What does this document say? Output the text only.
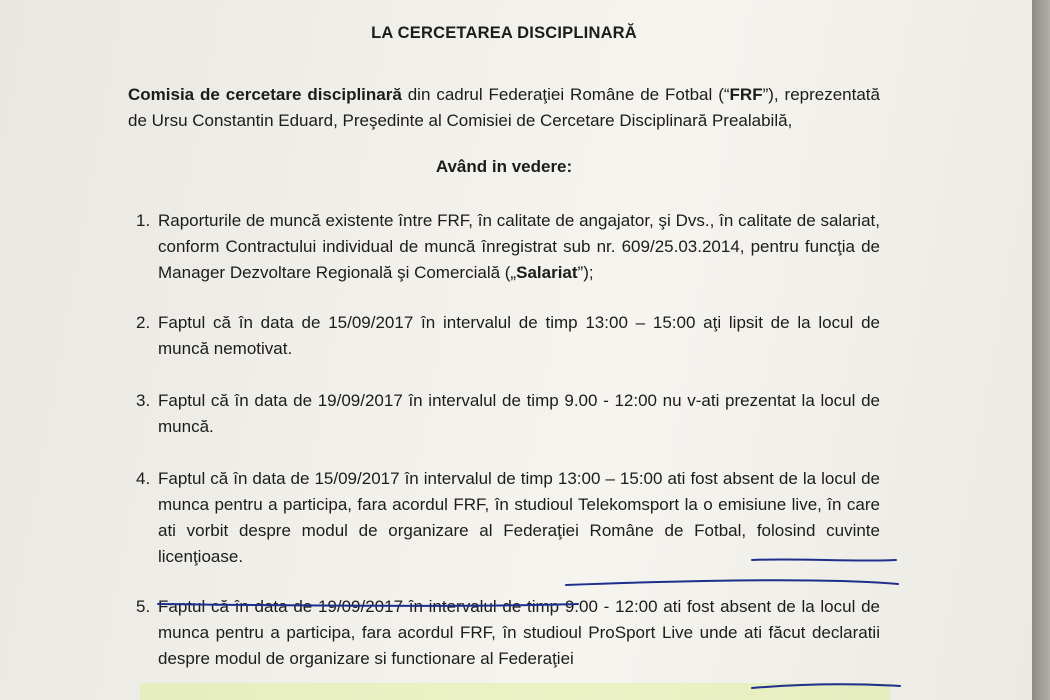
LA CERCETAREA DISCIPLINARĂ
Comisia de cercetare disciplinară din cadrul Federaţiei Române de Fotbal (“FRF”), reprezentată de Ursu Constantin Eduard, Preşedinte al Comisiei de Cercetare Disciplinară Prealabilă,
Având in vedere:
1. Raporturile de muncă existente între FRF, în calitate de angajator, şi Dvs., în calitate de salariat, conform Contractului individual de muncă înregistrat sub nr. 609/25.03.2014, pentru funcţia de Manager Dezvoltare Regională şi Comercială („Salariat”);
2. Faptul că în data de 15/09/2017 în intervalul de timp 13:00 – 15:00 aţi lipsit de la locul de muncă nemotivat.
3. Faptul că în data de 19/09/2017 în intervalul de timp 9.00 - 12:00 nu v-ati prezentat la locul de muncă.
4. Faptul că în data de 15/09/2017 în intervalul de timp 13:00 – 15:00 ati fost absent de la locul de munca pentru a participa, fara acordul FRF, în studioul Telekomsport la o emisiune live, în care ati vorbit despre modul de organizare al Federaţiei Române de Fotbal, folosind cuvinte licenţioase.
5. Faptul că în data de 19/09/2017 în intervalul de timp 9.00 - 12:00 ati fost absent de la locul de munca pentru a participa, fara acordul FRF, în studioul ProSport Live unde ati făcut declaratii despre modul de organizare si functionare al Federaţiei
